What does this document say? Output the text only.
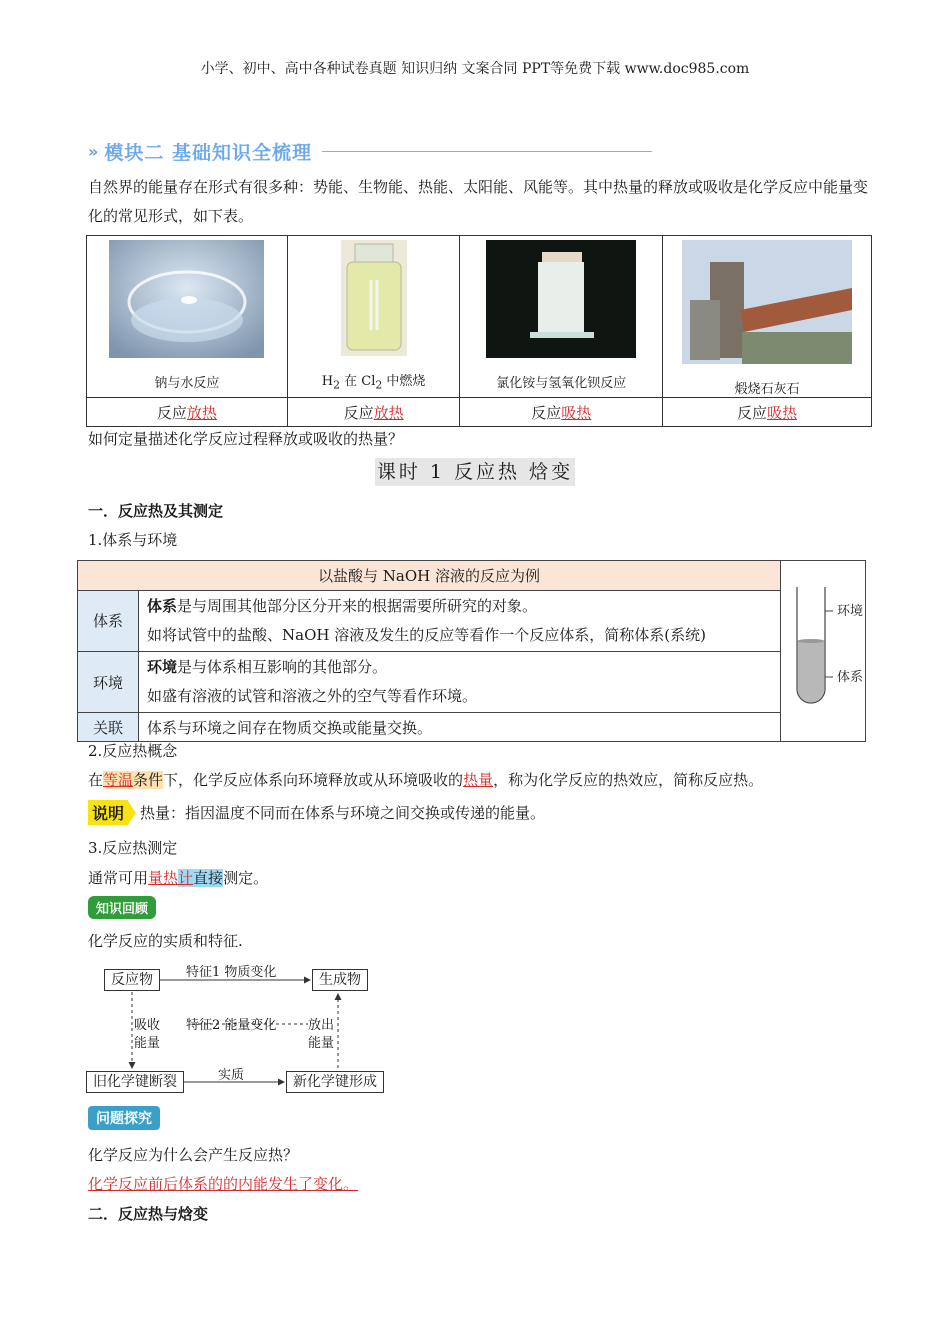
小学、初中、高中各种试卷真题 知识归纳 文案合同 PPT等免费下载 www.doc985.com
» 模块二 基础知识全梳理
自然界的能量存在形式有很多种：势能、生物能、热能、太阳能、风能等。其中热量的释放或吸收是化学反应中能量变化的常见形式，如下表。
钠与水反应	$H_2$ 在 $Cl_2$ 中燃烧	氯化铵与氢氧化钡反应	煅烧石灰石

反应放热	反应放热	反应吸热	反应吸热
如何定量描述化学反应过程释放或吸收的热量？
课时 1 反应热 焓变
一．反应热及其测定
1.体系与环境
以盐酸与 NaOH 溶液的反应为例		环境
体系

体系	体系是与周围其他部分区分开来的根据需要所研究的对象。
如将试管中的盐酸、NaOH 溶液及发生的反应等看作一个反应体系，简称体系(系统)	

环境	环境是与体系相互影响的其他部分。
如盛有溶液的试管和溶液之外的空气等看作环境。	

关联	体系与环境之间存在物质交换或能量交换。	
2.反应热概念
在等温条件下，化学反应体系向环境释放或从环境吸收的热量，称为化学反应的热效应，简称反应热。
说明 热量：指因温度不同而在体系与环境之间交换或传递的能量。
3.反应热测定
通常可用量热计直接测定。
知识回顾
化学反应的实质和特征.
反应物	生成物
特征1 物质变化
特征2 能量变化
吸收
能量
放出
能量
旧化学键断裂	新化学键形成
实质
问题探究
化学反应为什么会产生反应热？
化学反应前后体系的的内能发生了变化。
二．反应热与焓变
